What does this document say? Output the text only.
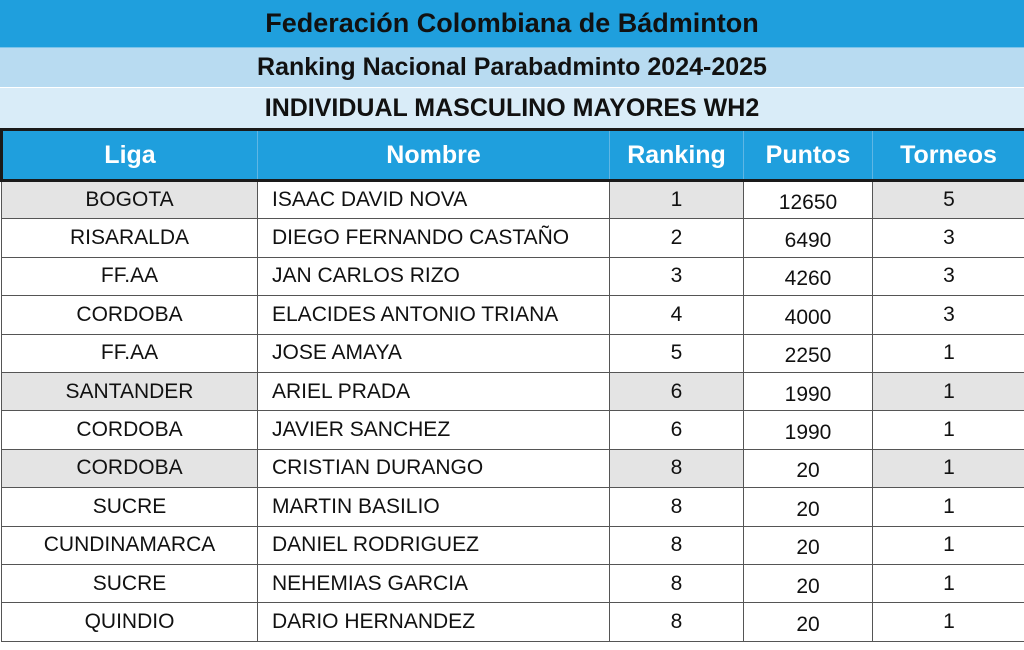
Federación Colombiana de Bádminton
Ranking Nacional Parabadminto 2024-2025
INDIVIDUAL MASCULINO MAYORES WH2
Liga	Nombre	Ranking	Puntos	Torneos
BOGOTA	ISAAC DAVID NOVA	1	12650	5
RISARALDA	DIEGO FERNANDO CASTAÑO	2	6490	3
FF.AA	JAN CARLOS RIZO	3	4260	3
CORDOBA	ELACIDES ANTONIO TRIANA	4	4000	3
FF.AA	JOSE AMAYA	5	2250	1
SANTANDER	ARIEL PRADA	6	1990	1
CORDOBA	JAVIER SANCHEZ	6	1990	1
CORDOBA	CRISTIAN DURANGO	8	20	1
SUCRE	MARTIN BASILIO	8	20	1
CUNDINAMARCA	DANIEL RODRIGUEZ	8	20	1
SUCRE	NEHEMIAS GARCIA	8	20	1
QUINDIO	DARIO HERNANDEZ	8	20	1
